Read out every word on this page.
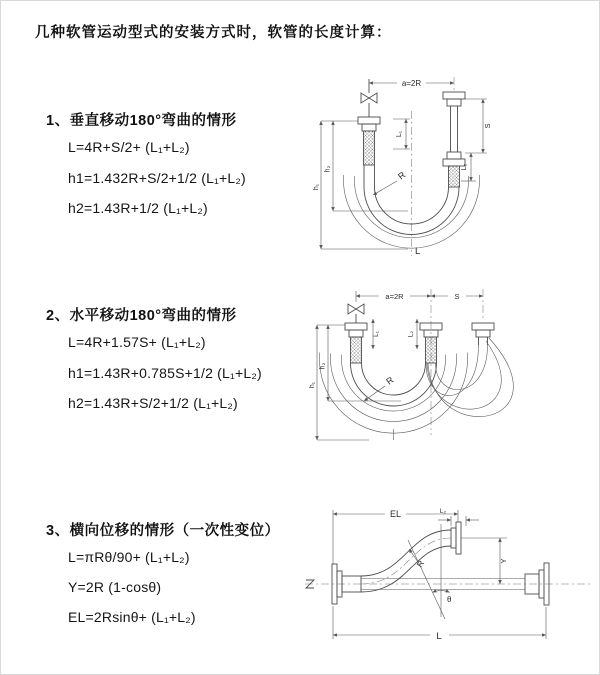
几种软管运动型式的安装方式时，软管的长度计算：
1、垂直移动180°弯曲的情形
L=4R+S/2+ (L₁+L₂)
h1=1.432R+S/2+1/2 (L₁+L₂)
h2=1.43R+1/2 (L₁+L₂)
2、水平移动180°弯曲的情形
L=4R+1.57S+ (L₁+L₂)
h1=1.43R+0.785S+1/2 (L₁+L₂)
h2=1.43R+S/2+1/2 (L₁+L₂)
3、横向位移的情形（一次性变位）
L=πRθ/90+ (L₁+L₂)
Y=2R (1-cosθ)
EL=2Rsinθ+ (L₁+L₂)
a=2R
S
L₂
h₁
h₂
L₁
R
L
a=2R	S
h₁
h₂
L₁	L₂
R
EL	L₂
Y
R
θ
L
